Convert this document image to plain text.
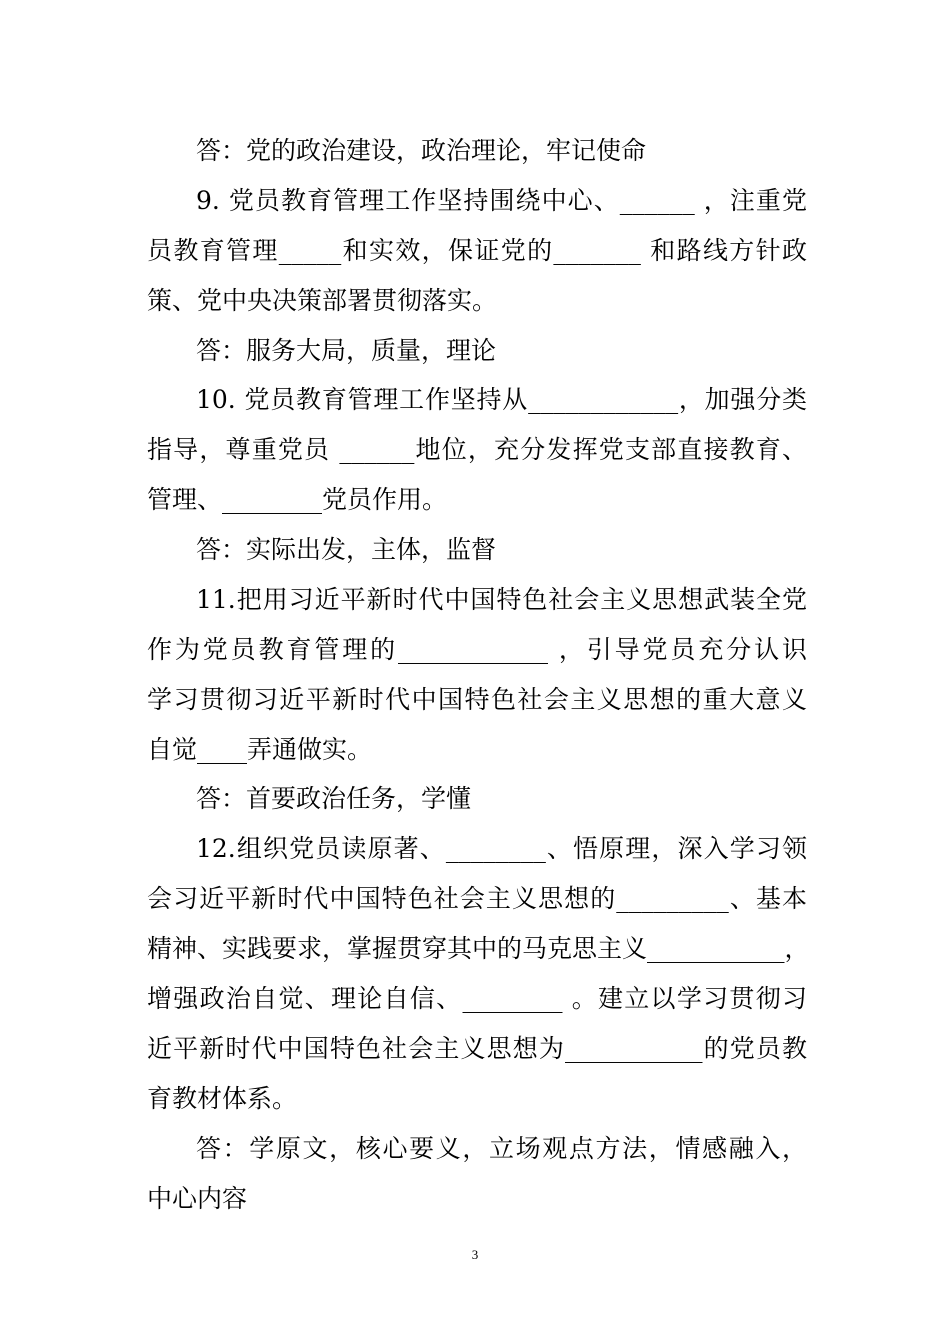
答：党的政治建设，政治理论，牢记使命
9. 党员教育管理工作坚持围绕中心、______ ，注重党
员教育管理_____和实效，保证党的_______ 和路线方针政
策、党中央决策部署贯彻落实。
答：服务大局，质量，理论
10. 党员教育管理工作坚持从____________，加强分类
指导，尊重党员 ______地位，充分发挥党支部直接教育、
管理、________党员作用。
答：实际出发，主体，监督
11.把用习近平新时代中国特色社会主义思想武装全党
作为党员教育管理的____________ ，引导党员充分认识
学习贯彻习近平新时代中国特色社会主义思想的重大意义
自觉____弄通做实。
答：首要政治任务，学懂
12.组织党员读原著、________、悟原理，深入学习领
会习近平新时代中国特色社会主义思想的_________、基本
精神、实践要求，掌握贯穿其中的马克思主义___________，
增强政治自觉、理论自信、________ 。建立以学习贯彻习
近平新时代中国特色社会主义思想为___________的党员教
育教材体系。
答：学原文，核心要义，立场观点方法，情感融入，
中心内容
3
